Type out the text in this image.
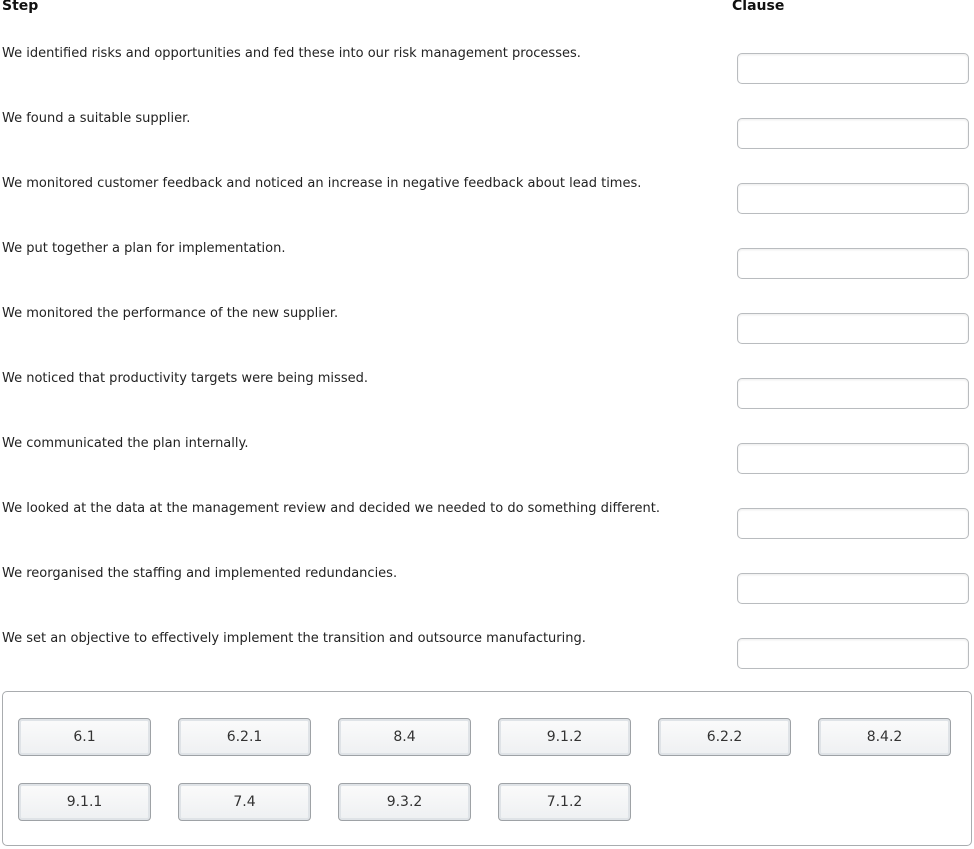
Step	Clause
We identified risks and opportunities and fed these into our risk management processes.
We found a suitable supplier.
We monitored customer feedback and noticed an increase in negative feedback about lead times.
We put together a plan for implementation.
We monitored the performance of the new supplier.
We noticed that productivity targets were being missed.
We communicated the plan internally.
We looked at the data at the management review and decided we needed to do something different.
We reorganised the staffing and implemented redundancies.
We set an objective to effectively implement the transition and outsource manufacturing.
6.1	6.2.1	8.4	9.1.2	6.2.2	8.4.2
9.1.1	7.4	9.3.2	7.1.2
